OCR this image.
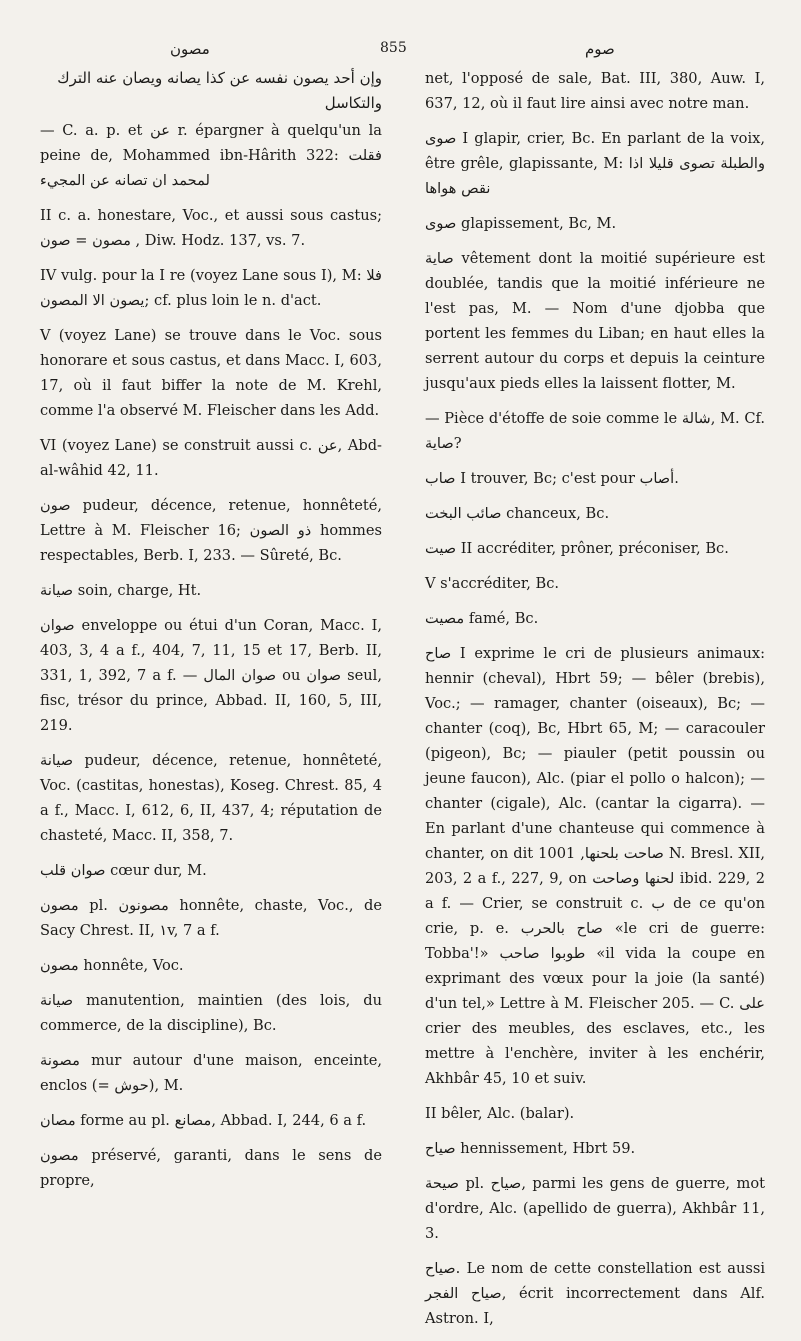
مصون	855	صوم

وإن أحد يصون نفسه عن كذا يصانه ويصان عنه الترك والتكاسل

— C. a. p. et عن r. épargner à quelqu'un la peine de, Mohammed ibn-Hârith 322: فقلت لمحمد ان تصانه عن المجيء

II c. a. honestare, Voc., et aussi sous castus; مصون = صون , Diw. Hodz. 137, vs. 7.

IV vulg. pour la I re (voyez Lane sous I), M: فلا يصون الا المصون; cf. plus loin le n. d'act.

V (voyez Lane) se trouve dans le Voc. sous honorare et sous castus, et dans Macc. I, 603, 17, où il faut biffer la note de M. Krehl, comme l'a observé M. Fleischer dans les Add.

VI (voyez Lane) se construit aussi c. عن, Abd-al-wâhid 42, 11.

صون pudeur, décence, retenue, honnêteté, Lettre à M. Fleischer 16; ذو الصون hommes respectables, Berb. I, 233. — Sûreté, Bc.

صيانة soin, charge, Ht.

صوان enveloppe ou étui d'un Coran, Macc. I, 403, 3, 4 a f., 404, 7, 11, 15 et 17, Berb. II, 331, 1, 392, 7 a f. — صوان المال ou صوان seul, fisc, trésor du prince, Abbad. II, 160, 5, III, 219.

صيانة pudeur, décence, retenue, honnêteté, Voc. (castitas, honestas), Koseg. Chrest. 85, 4 a f., Macc. I, 612, 6, II, 437, 4; réputation de chasteté, Macc. II, 358, 7.

صوان قلب cœur dur, M.

مصون pl. مصونون honnête, chaste, Voc., de Sacy Chrest. II, ١v, 7 a f.

مصون honnête, Voc.

صيانة manutention, maintien (des lois, du commerce, de la discipline), Bc.

مصونة mur autour d'une maison, enceinte, enclos (= حوش), M.

مصان forme au pl. مصانع, Abbad. I, 244, 6 a f.

مصون préservé, garanti, dans le sens de propre,

net, l'opposé de sale, Bat. III, 380, Auw. I, 637, 12, où il faut lire ainsi avec notre man.

صوى I glapir, crier, Bc. En parlant de la voix, être grêle, glapissante, M: والطبلة تصوى قليلا اذا نقص هواها

صوى glapissement, Bc, M.

صاية vêtement dont la moitié supérieure est doublée, tandis que la moitié inférieure ne l'est pas, M. — Nom d'une djobba que portent les femmes du Liban; en haut elles la serrent autour du corps et depuis la ceinture jusqu'aux pieds elles la laissent flotter, M.

— Pièce d'étoffe de soie comme le شالة, M. Cf. صاية?

صاب I trouver, Bc; c'est pour أصاب.

صائب البخت chanceux, Bc.

صيت II accréditer, prôner, préconiser, Bc.

V s'accréditer, Bc.

مصيت famé, Bc.

صاح I exprime le cri de plusieurs animaux: hennir (cheval), Hbrt 59; — bêler (brebis), Voc.; — ramager, chanter (oiseaux), Bc; — chanter (coq), Bc, Hbrt 65, M; — caracouler (pigeon), Bc; — piauler (petit poussin ou jeune faucon), Alc. (piar el pollo o halcon); — chanter (cigale), Alc. (cantar la cigarra). — En parlant d'une chanteuse qui commence à chanter, on dit صاحت بلحنها, 1001 N. Bresl. XII, 203, 2 a f., 227, 9, on لحنها وصاحت ibid. 229, 2 a f. — Crier, se construit c. ب de ce qu'on crie, p. e. صاح بالحرب «le cri de guerre: Tobba'!» طوبوا صاحب «il vida la coupe en exprimant des vœux pour la joie (la santé) d'un tel,» Lettre à M. Fleischer 205. — C. على crier des meubles, des esclaves, etc., les mettre à l'enchère, inviter à les enchérir, Akhbâr 45, 10 et suiv.

II bêler, Alc. (balar).

صياح hennissement, Hbrt 59.

صيحة pl. صياح, parmi les gens de guerre, mot d'ordre, Alc. (apellido de guerra), Akhbâr 11, 3.

صياح. Le nom de cette constellation est aussi صياح الفجر, écrit incorrectement dans Alf. Astron. I,
